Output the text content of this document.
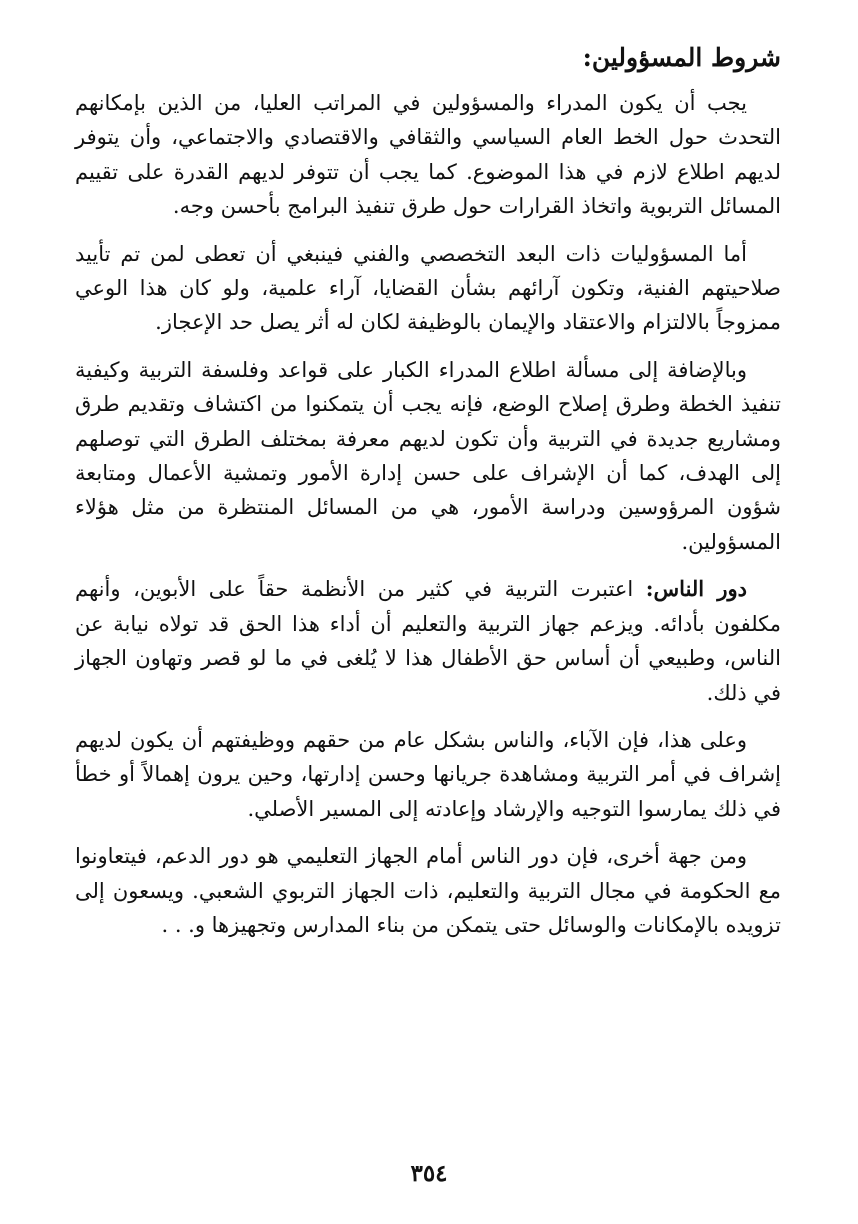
شروط المسؤولين:

يجب أن يكون المدراء والمسؤولين في المراتب العليا، من الذين بإمكانهم التحدث حول الخط العام السياسي والثقافي والاقتصادي والاجتماعي، وأن يتوفر لديهم اطلاع لازم في هذا الموضوع. كما يجب أن تتوفر لديهم القدرة على تقييم المسائل التربوية واتخاذ القرارات حول طرق تنفيذ البرامج بأحسن وجه.

أما المسؤوليات ذات البعد التخصصي والفني فينبغي أن تعطى لمن تم تأييد صلاحيتهم الفنية، وتكون آرائهم بشأن القضايا، آراء علمية، ولو كان هذا الوعي ممزوجاً بالالتزام والاعتقاد والإيمان بالوظيفة لكان له أثر يصل حد الإعجاز.

وبالإضافة إلى مسألة اطلاع المدراء الكبار على قواعد وفلسفة التربية وكيفية تنفيذ الخطة وطرق إصلاح الوضع، فإنه يجب أن يتمكنوا من اكتشاف وتقديم طرق ومشاريع جديدة في التربية وأن تكون لديهم معرفة بمختلف الطرق التي توصلهم إلى الهدف، كما أن الإشراف على حسن إدارة الأمور وتمشية الأعمال ومتابعة شؤون المرؤوسين ودراسة الأمور، هي من المسائل المنتظرة من مثل هؤلاء المسؤولين.

دور الناس: اعتبرت التربية في كثير من الأنظمة حقاً على الأبوين، وأنهم مكلفون بأدائه. ويزعم جهاز التربية والتعليم أن أداء هذا الحق قد تولاه نيابة عن الناس، وطبيعي أن أساس حق الأطفال هذا لا يُلغى في ما لو قصر وتهاون الجهاز في ذلك.

وعلى هذا، فإن الآباء، والناس بشكل عام من حقهم ووظيفتهم أن يكون لديهم إشراف في أمر التربية ومشاهدة جريانها وحسن إدارتها، وحين يرون إهمالاً أو خطأ في ذلك يمارسوا التوجيه والإرشاد وإعادته إلى المسير الأصلي.

ومن جهة أخرى، فإن دور الناس أمام الجهاز التعليمي هو دور الدعم، فيتعاونوا مع الحكومة في مجال التربية والتعليم، ذات الجهاز التربوي الشعبي. ويسعون إلى تزويده بالإمكانات والوسائل حتى يتمكن من بناء المدارس وتجهيزها و. . .

٣٥٤
